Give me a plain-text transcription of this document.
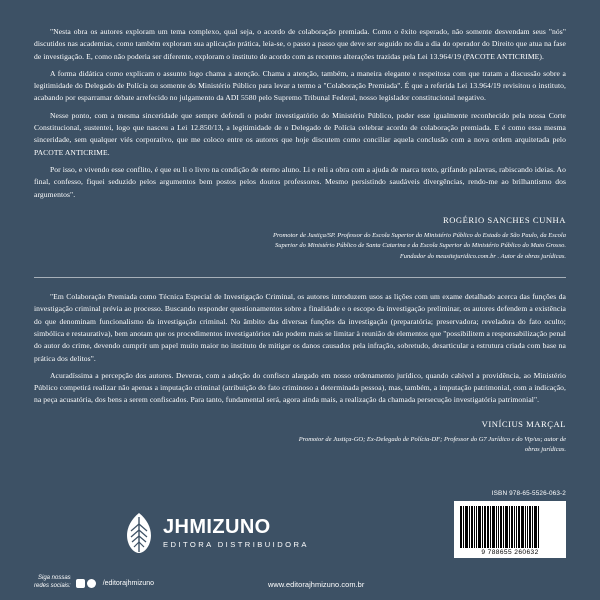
"Nesta obra os autores exploram um tema complexo, qual seja, o acordo de colaboração premiada. Como o êxito esperado, não somente desvendam seus "nós" discutidos nas academias, como também exploram sua aplicação prática, leia-se, o passo a passo que deve ser seguido no dia a dia do operador do Direito que atua na fase de investigação. E, como não poderia ser diferente, exploram o instituto de acordo com as recentes alterações trazidas pela Lei 13.964/19 (PACOTE ANTICRIME).

A forma didática como explicam o assunto logo chama a atenção. Chama a atenção, também, a maneira elegante e respeitosa com que tratam a discussão sobre a legitimidade do Delegado de Polícia ou somente do Ministério Público para levar a termo a "Colaboração Premiada". É que a referida Lei 13.964/19 revisitou o instituto, acabando por esparramar debate arrefecido no julgamento da ADI 5580 pelo Supremo Tribunal Federal, nosso legislador constitucional negativo.

Nesse ponto, com a mesma sinceridade que sempre defendi o poder investigatório do Ministério Público, poder esse igualmente reconhecido pela nossa Corte Constitucional, sustentei, logo que nasceu a Lei 12.850/13, a legitimidade de o Delegado de Polícia celebrar acordo de colaboração premiada. E é como essa mesma sinceridade, sem qualquer viés corporativo, que me coloco entre os autores que hoje discutem como conciliar aquela conclusão com a nova ordem arquitetada pelo PACOTE ANTICRIME.

Por isso, e vivendo esse conflito, é que eu li o livro na condição de eterno aluno. Li e reli a obra com a ajuda de marca texto, grifando palavras, rabiscando ideias. Ao final, confesso, fiquei seduzido pelos argumentos bem postos pelos doutos professores. Mesmo persistindo saudáveis divergências, rendo-me ao brilhantismo dos argumentos".

ROGÉRIO SANCHES CUNHA
Promotor de Justiça/SP. Professor do Escola Superior do Ministério Público do Estado de São Paulo, da Escola Superior do Ministério Público de Santa Catarina e da Escola Superior do Ministério Público do Mato Grosso. Fundador do meusitejuridico.com.br . Autor de obras jurídicas.

"Em Colaboração Premiada como Técnica Especial de Investigação Criminal, os autores introduzem usos as lições com um exame detalhado acerca das funções da investigação criminal prévia ao processo. Buscando responder questionamentos sobre a finalidade e o escopo da investigação preliminar, os autores defendem a existência do que denominam funcionalismo da investigação criminal. No âmbito das diversas funções da investigação (preparatória; preservadora; reveladora do fato oculto; simbólica e restaurativa), bem anotam que os procedimentos investigatórios não podem mais se limitar à reunião de elementos que "possibilitem a responsabilização penal do autor do crime, devendo cumprir um papel muito maior no instituto de mitigar os danos causados pela infração, sobretudo, desarticular a estrutura criada com base na prática dos delitos".

Acuradíssima a percepção dos autores. Deveras, com a adoção do confisco alargado em nosso ordenamento jurídico, quando cabível a providência, ao Ministério Público competirá realizar não apenas a imputação criminal (atribuição do fato criminoso a determinada pessoa), mas, também, a imputação patrimonial, com a indicação, na peça acusatória, dos bens a serem confiscados. Para tanto, fundamental será, agora ainda mais, a realização da chamada persecução investigatória patrimonial".

VINÍCIUS MARÇAL
Promotor de Justiça-GO; Ex-Delegado de Polícia-DF; Professor do G7 Jurídico e do Vip/us; autor de obras jurídicas.
JHMIZUNO
EDITORA DISTRIBUIDORA
ISBN 978-65-5526-063-2
9 788655 260632
Siga nossas
redes sociais:	/editorajhmizuno	www.editorajhmizuno.com.br
